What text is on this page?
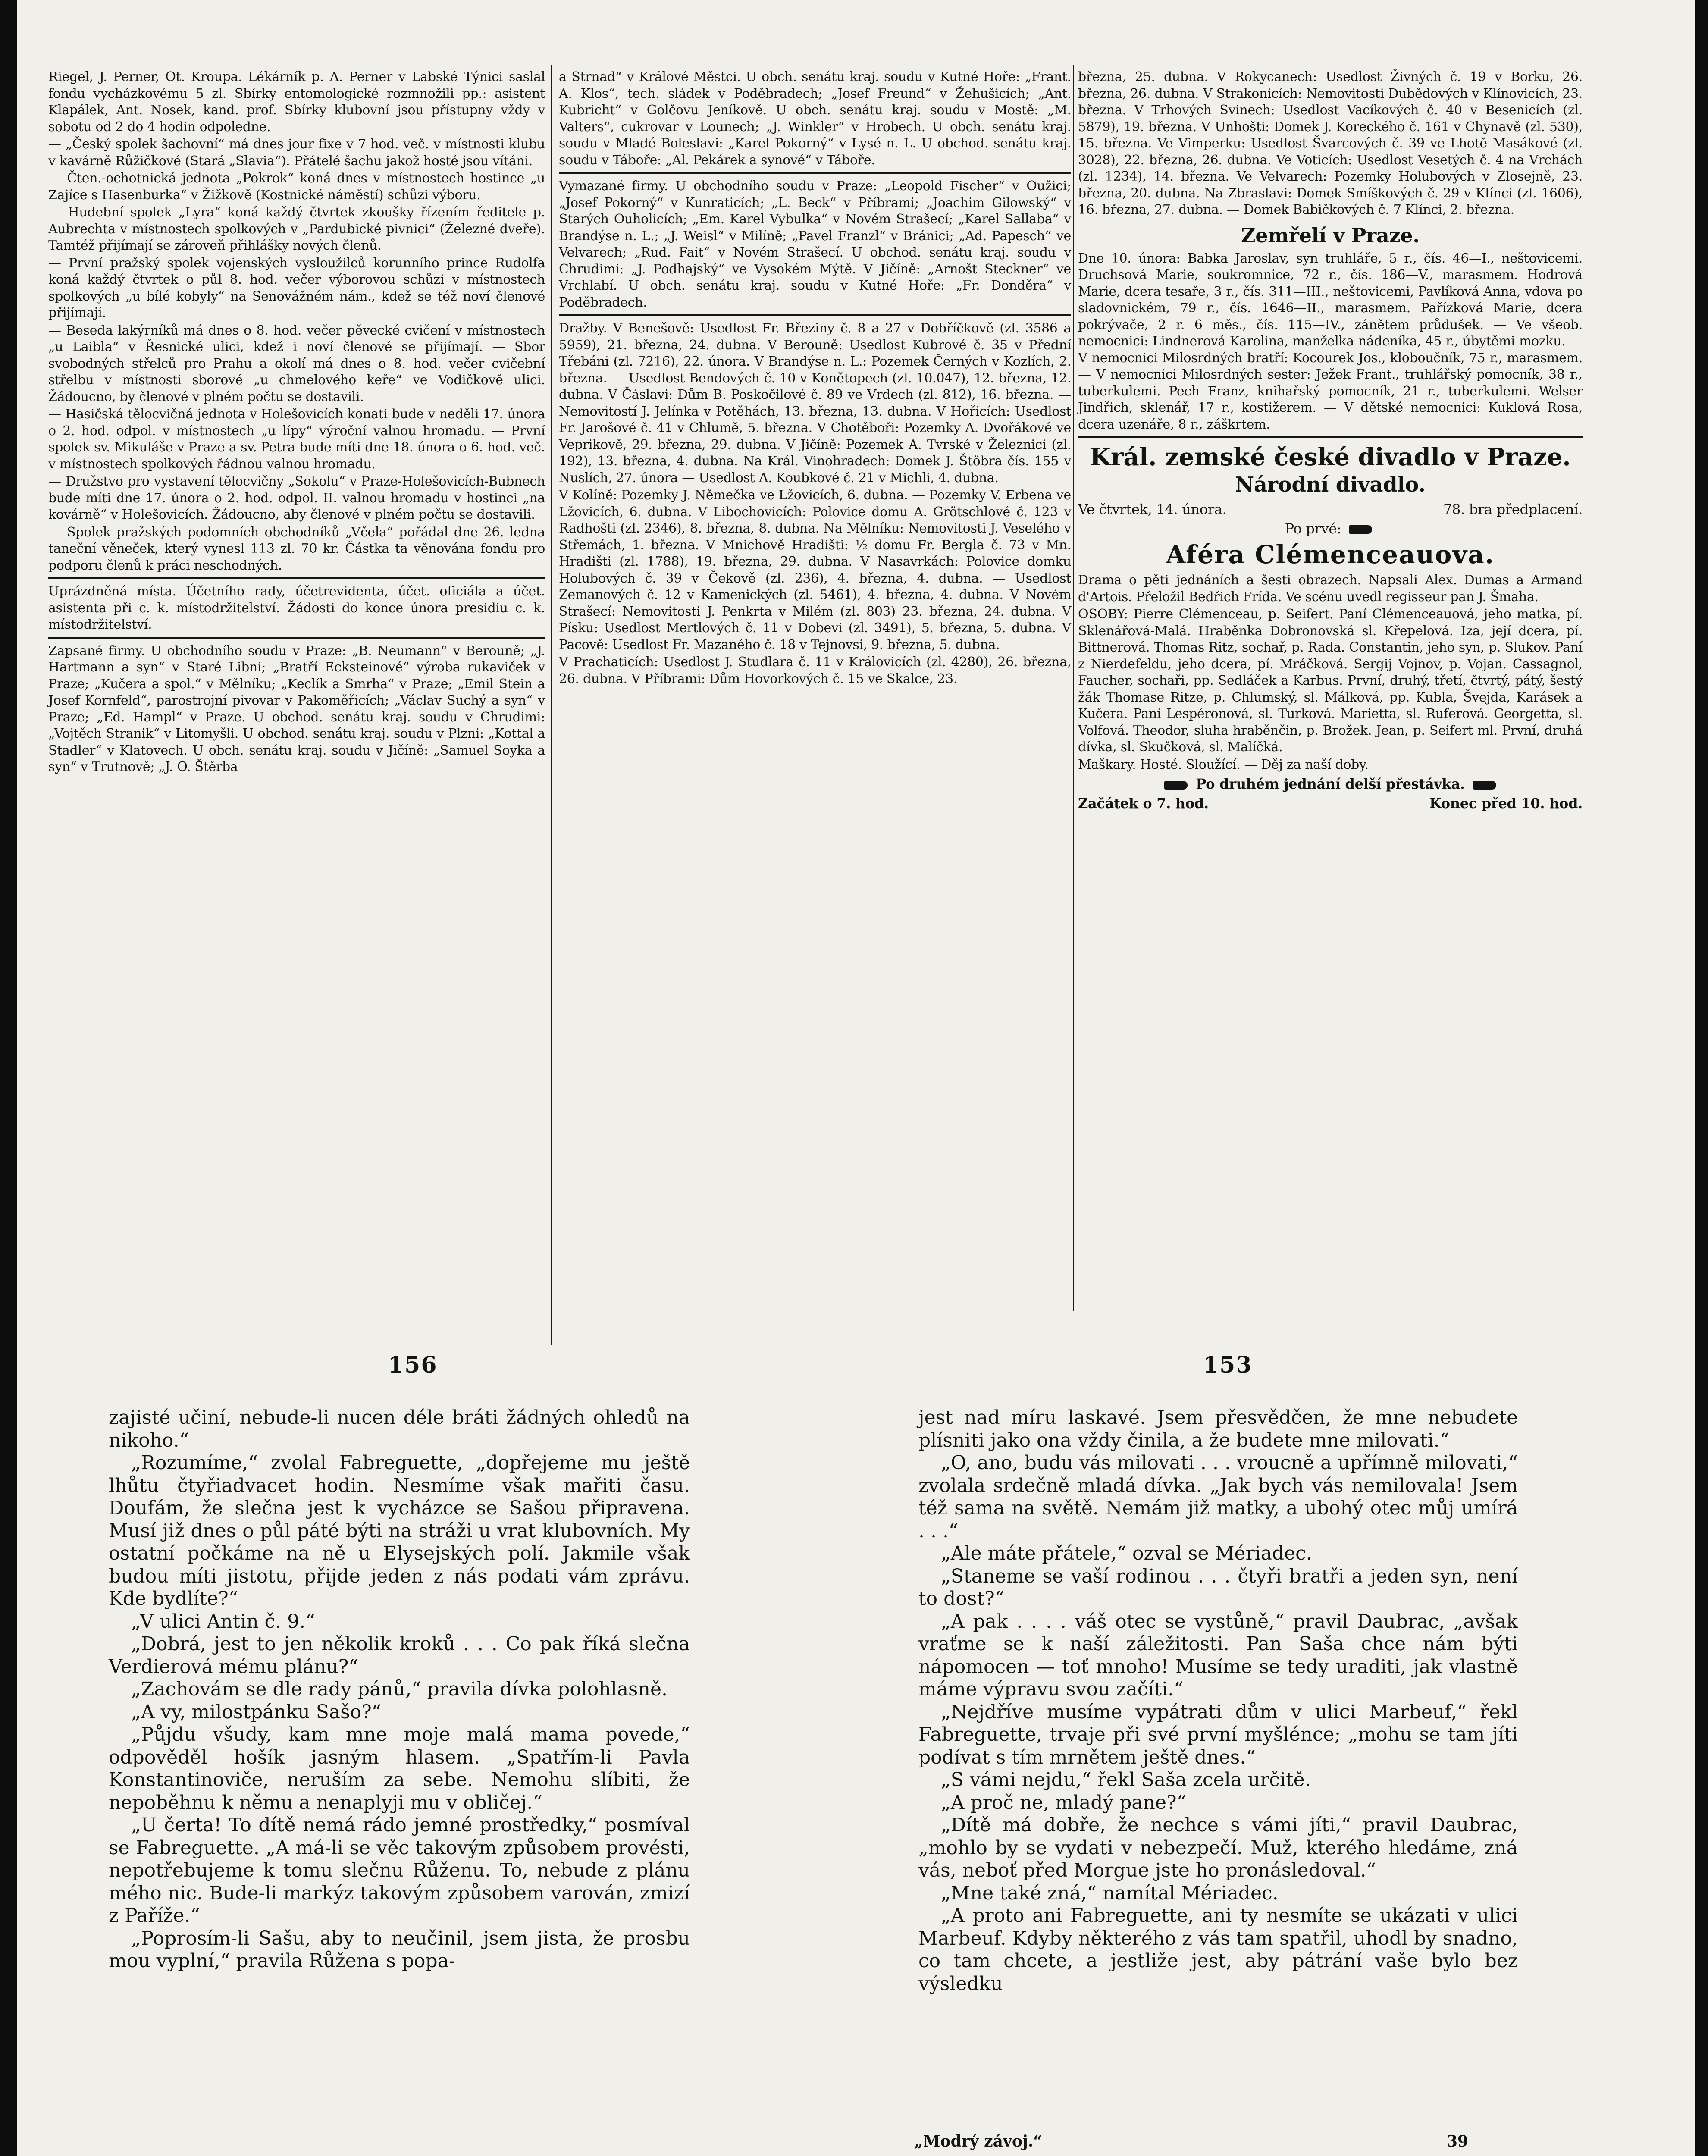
Riegel, J. Perner, Ot. Kroupa. Lékárník p. A. Perner v Labské Týnici saslal fondu vycházkovému 5 zl. Sbírky entomologické rozmnožili pp.: asistent Klapálek, Ant. Nosek, kand. prof. Sbírky klubovní jsou přístupny vždy v sobotu od 2 do 4 hodin odpoledne.

— „Český spolek šachovní“ má dnes jour fixe v 7 hod. več. v místnosti klubu v kavárně Růžičkové (Stará „Slavia“). Přátelé šachu jakož hosté jsou vítáni.

— Čten.-ochotnická jednota „Pokrok“ koná dnes v místnostech hostince „u Zajíce s Hasenburka“ v Žižkově (Kostnické náměstí) schůzi výboru.

— Hudební spolek „Lyra“ koná každý čtvrtek zkoušky řízením ředitele p. Aubrechta v místnostech spolkových v „Pardubické pivnici“ (Železné dveře). Tamtéž přijímají se zároveň přihlášky nových členů.

— První pražský spolek vojenských vysloužilců korunního prince Rudolfa koná každý čtvrtek o půl 8. hod. večer výborovou schůzi v místnostech spolkových „u bílé kobyly“ na Senovážném nám., kdež se též noví členové přijímají.

— Beseda lakýrníků má dnes o 8. hod. večer pěvecké cvičení v místnostech „u Laibla“ v Řesnické ulici, kdež i noví členové se přijímají. — Sbor svobodných střelců pro Prahu a okolí má dnes o 8. hod. večer cvičební střelbu v místnosti sborové „u chmelového keře“ ve Vodičkově ulici. Žádoucno, by členové v plném počtu se dostavili.

— Hasičská tělocvičná jednota v Holešovicích konati bude v neděli 17. února o 2. hod. odpol. v místnostech „u lípy“ výroční valnou hromadu. — První spolek sv. Mikuláše v Praze a sv. Petra bude míti dne 18. února o 6. hod. več. v místnostech spolkových řádnou valnou hromadu.

— Družstvo pro vystavení tělocvičny „Sokolu“ v Praze-Holešovicích-Bubnech bude míti dne 17. února o 2. hod. odpol. II. valnou hromadu v hostinci „na kovárně“ v Holešovicích. Žádoucno, aby členové v plném počtu se dostavili.

— Spolek pražských podomních obchodníků „Včela“ pořádal dne 26. ledna taneční věneček, který vynesl 113 zl. 70 kr. Částka ta věnována fondu pro podporu členů k práci neschodných.

Uprázdněná místa. Účetního rady, účetrevidenta, účet. oficiála a účet. asistenta při c. k. místodržitelství. Žádosti do konce února presidiu c. k. místodržitelství.

Zapsané firmy. U obchodního soudu v Praze: „B. Neumann“ v Berouně; „J. Hartmann a syn“ v Staré Libni; „Bratří Ecksteinové“ výroba rukaviček v Praze; „Kučera a spol.“ v Mělníku; „Keclík a Smrha“ v Praze; „Emil Stein a Josef Kornfeld“, parostrojní pivovar v Pakoměřicích; „Václav Suchý a syn“ v Praze; „Ed. Hampl“ v Praze. U obchod. senátu kraj. soudu v Chrudimi: „Vojtěch Stranik“ v Litomyšli. U obchod. senátu kraj. soudu v Plzni: „Kottal a Stadler“ v Klatovech. U obch. senátu kraj. soudu v Jičíně: „Samuel Soyka a syn“ v Trutnově; „J. O. Štěrba

a Strnad“ v Králové Městci. U obch. senátu kraj. soudu v Kutné Hoře: „Frant. A. Klos“, tech. sládek v Poděbradech; „Josef Freund“ v Žehušicích; „Ant. Kubricht“ v Golčovu Jeníkově. U obch. senátu kraj. soudu v Mostě: „M. Valters“, cukrovar v Lounech; „J. Winkler“ v Hrobech. U obch. senátu kraj. soudu v Mladé Boleslavi: „Karel Pokorný“ v Lysé n. L. U obchod. senátu kraj. soudu v Táboře: „Al. Pekárek a synové“ v Táboře.

Vymazané firmy. U obchodního soudu v Praze: „Leopold Fischer“ v Oužici; „Josef Pokorný“ v Kunraticích; „L. Beck“ v Příbrami; „Joachim Gilowský“ v Starých Ouholicích; „Em. Karel Vybulka“ v Novém Strašecí; „Karel Sallaba“ v Brandýse n. L.; „J. Weisl“ v Milíně; „Pavel Franzl“ v Bránici; „Ad. Papesch“ ve Velvarech; „Rud. Fait“ v Novém Strašecí. U obchod. senátu kraj. soudu v Chrudimi: „J. Podhajský“ ve Vysokém Mýtě. V Jičíně: „Arnošt Steckner“ ve Vrchlabí. U obch. senátu kraj. soudu v Kutné Hoře: „Fr. Donděra“ v Poděbradech.

Dražby. V Benešově: Usedlost Fr. Březiny č. 8 a 27 v Dobříčkově (zl. 3586 a 5959), 21. března, 24. dubna. V Berouně: Usedlost Kubrové č. 35 v Přední Třebáni (zl. 7216), 22. února. V Brandýse n. L.: Pozemek Černých v Kozlích, 2. března. — Usedlost Bendových č. 10 v Konětopech (zl. 10.047), 12. března, 12. dubna. V Čáslavi: Dům B. Poskočilové č. 89 ve Vrdech (zl. 812), 16. března. — Nemovitostí J. Jelínka v Potěhách, 13. března, 13. dubna. V Hořicích: Usedlost Fr. Jarošové č. 41 v Chlumě, 5. března. V Chotěboři: Pozemky A. Dvořákové ve Veprikově, 29. března, 29. dubna. V Jičíně: Pozemek A. Tvrské v Železnici (zl. 192), 13. března, 4. dubna. Na Král. Vinohradech: Domek J. Štöbra čís. 155 v Nuslích, 27. února — Usedlost A. Koubkové č. 21 v Michli, 4. dubna.

V Kolíně: Pozemky J. Němečka ve Lžovicích, 6. dubna. — Pozemky V. Erbena ve Lžovicích, 6. dubna. V Libochovicích: Polovice domu A. Grötschlové č. 123 v Radhošti (zl. 2346), 8. března, 8. dubna. Na Mělníku: Nemovitosti J. Veselého v Střemách, 1. března. V Mnichově Hradišti: ½ domu Fr. Bergla č. 73 v Mn. Hradišti (zl. 1788), 19. března, 29. dubna. V Nasavrkách: Polovice domku Holubových č. 39 v Čekově (zl. 236), 4. března, 4. dubna. — Usedlost Zemanových č. 12 v Kamenických (zl. 5461), 4. března, 4. dubna. V Novém Strašecí: Nemovitosti J. Penkrta v Milém (zl. 803) 23. března, 24. dubna. V Písku: Usedlost Mertlových č. 11 v Dobevi (zl. 3491), 5. března, 5. dubna. V Pacově: Usedlost Fr. Mazaného č. 18 v Tejnovsi, 9. března, 5. dubna.

V Prachaticích: Usedlost J. Studlara č. 11 v Královicích (zl. 4280), 26. března, 26. dubna. V Příbrami: Dům Hovorkových č. 15 ve Skalce, 23.

března, 25. dubna. V Rokycanech: Usedlost Živných č. 19 v Borku, 26. března, 26. dubna. V Strakonicích: Nemovitosti Dubědových v Klínovicích, 23. března. V Trhových Svinech: Usedlost Vacíkových č. 40 v Besenicích (zl. 5879), 19. března. V Unhošti: Domek J. Koreckého č. 161 v Chynavě (zl. 530), 15. března. Ve Vimperku: Usedlost Švarcových č. 39 ve Lhotě Masákové (zl. 3028), 22. března, 26. dubna. Ve Voticích: Usedlost Vesetých č. 4 na Vrchách (zl. 1234), 14. března. Ve Velvarech: Pozemky Holubových v Zlosejně, 23. března, 20. dubna. Na Zbraslavi: Domek Smíškových č. 29 v Klínci (zl. 1606), 16. března, 27. dubna. — Domek Babičkových č. 7 Klínci, 2. března.

Zemřelí v Praze.

Dne 10. února: Babka Jaroslav, syn truhláře, 5 r., čís. 46—I., neštovicemi. Druchsová Marie, soukromnice, 72 r., čís. 186—V., marasmem. Hodrová Marie, dcera tesaře, 3 r., čís. 311—III., neštovicemi, Pavlíková Anna, vdova po sladovnickém, 79 r., čís. 1646—II., marasmem. Pařízková Marie, dcera pokrývače, 2 r. 6 měs., čís. 115—IV., zánětem průdušek. — Ve všeob. nemocnici: Lindnerová Karolina, manželka nádeníka, 45 r., úbytěmi mozku. — V nemocnici Milosrdných bratří: Kocourek Jos., kloboučník, 75 r., marasmem. — V nemocnici Milosrdných sester: Ježek Frant., truhlářský pomocník, 38 r., tuberkulemi. Pech Franz, knihařský pomocník, 21 r., tuberkulemi. Welser Jindřich, sklenář, 17 r., kostižerem. — V dětské nemocnici: Kuklová Rosa, dcera uzenáře, 8 r., záškrtem.

Král. zemské české divadlo v Praze.
Národní divadlo.
Ve čtvrtek, 14. února.	78. bra předplacení.
Po prvé:
Aféra Clémenceauova.

Drama o pěti jednáních a šesti obrazech. Napsali Alex. Dumas a Armand d'Artois. Přeložil Bedřich Frída. Ve scénu uvedl regisseur pan J. Šmaha.

OSOBY: Pierre Clémenceau, p. Seifert. Paní Clémenceauová, jeho matka, pí. Sklenářová-Malá. Hraběnka Dobronovská sl. Křepelová. Iza, její dcera, pí. Bittnerová. Thomas Ritz, sochař, p. Rada. Constantin, jeho syn, p. Slukov. Paní z Nierdefeldu, jeho dcera, pí. Mráčková. Sergij Vojnov, p. Vojan. Cassagnol, Faucher, sochaři, pp. Sedláček a Karbus. První, druhý, třetí, čtvrtý, pátý, šestý žák Thomase Ritze, p. Chlumský, sl. Málková, pp. Kubla, Švejda, Karásek a Kučera. Paní Lespéronová, sl. Turková. Marietta, sl. Ruferová. Georgetta, sl. Volfová. Theodor, sluha hraběnčin, p. Brožek. Jean, p. Seifert ml. První, druhá dívka, sl. Skučková, sl. Malíčká.

Maškary. Hosté. Sloužící. — Děj za naší doby.

Po druhém jednání delší přestávka.
Začátek o 7. hod.	Konec před 10. hod.
156	153

zajisté učiní, nebude-li nucen déle bráti žádných ohledů na nikoho.“

„Rozumíme,“ zvolal Fabreguette, „dopřejeme mu ještě lhůtu čtyřiadvacet hodin. Nesmíme však mařiti času. Doufám, že slečna jest k vycházce se Sašou připravena. Musí již dnes o půl páté býti na stráži u vrat klubovních. My ostatní počkáme na ně u Elysejských polí. Jakmile však budou míti jistotu, přijde jeden z nás podati vám zprávu. Kde bydlíte?“

„V ulici Antin č. 9.“

„Dobrá, jest to jen několik kroků . . . Co pak říká slečna Verdierová mému plánu?“

„Zachovám se dle rady pánů,“ pravila dívka polohlasně.

„A vy, milostpánku Sašo?“

„Půjdu všudy, kam mne moje malá mama povede,“ odpověděl hošík jasným hlasem. „Spatřím-li Pavla Konstantinoviče, neruším za sebe. Nemohu slíbiti, že nepoběhnu k němu a nenaplyji mu v obličej.“

„U čerta! To dítě nemá rádo jemné prostředky,“ posmíval se Fabreguette. „A má-li se věc takovým způsobem provésti, nepotřebujeme k tomu slečnu Růženu. To, nebude z plánu mého nic. Bude-li markýz takovým způsobem varován, zmizí z Paříže.“

„Poprosím-li Sašu, aby to neučinil, jsem jista, že prosbu mou vyplní,“ pravila Růžena s popa-

jest nad míru laskavé. Jsem přesvědčen, že mne nebudete plísniti jako ona vždy činila, a že budete mne milovati.“

„O, ano, budu vás milovati . . . vroucně a upřímně milovati,“ zvolala srdečně mladá dívka. „Jak bych vás nemilovala! Jsem též sama na světě. Nemám již matky, a ubohý otec můj umírá . . .“

„Ale máte přátele,“ ozval se Mériadec.

„Staneme se vaší rodinou . . . čtyři bratři a jeden syn, není to dost?“

„A pak . . . . váš otec se vystůně,“ pravil Daubrac, „avšak vraťme se k naší záležitosti. Pan Saša chce nám býti nápomocen — toť mnoho! Musíme se tedy uraditi, jak vlastně máme výpravu svou začíti.“

„Nejdříve musíme vypátrati dům v ulici Marbeuf,“ řekl Fabreguette, trvaje při své první myšlénce; „mohu se tam jíti podívat s tím mrnětem ještě dnes.“

„S vámi nejdu,“ řekl Saša zcela určitě.

„A proč ne, mladý pane?“

„Dítě má dobře, že nechce s vámi jíti,“ pravil Daubrac, „mohlo by se vydati v nebezpečí. Muž, kterého hledáme, zná vás, neboť před Morgue jste ho pronásledoval.“

„Mne také zná,“ namítal Mériadec.

„A proto ani Fabreguette, ani ty nesmíte se ukázati v ulici Marbeuf. Kdyby některého z vás tam spatřil, uhodl by snadno, co tam chcete, a jestliže jest, aby pátrání vaše bylo bez výsledku

„Modrý závoj.“	39
